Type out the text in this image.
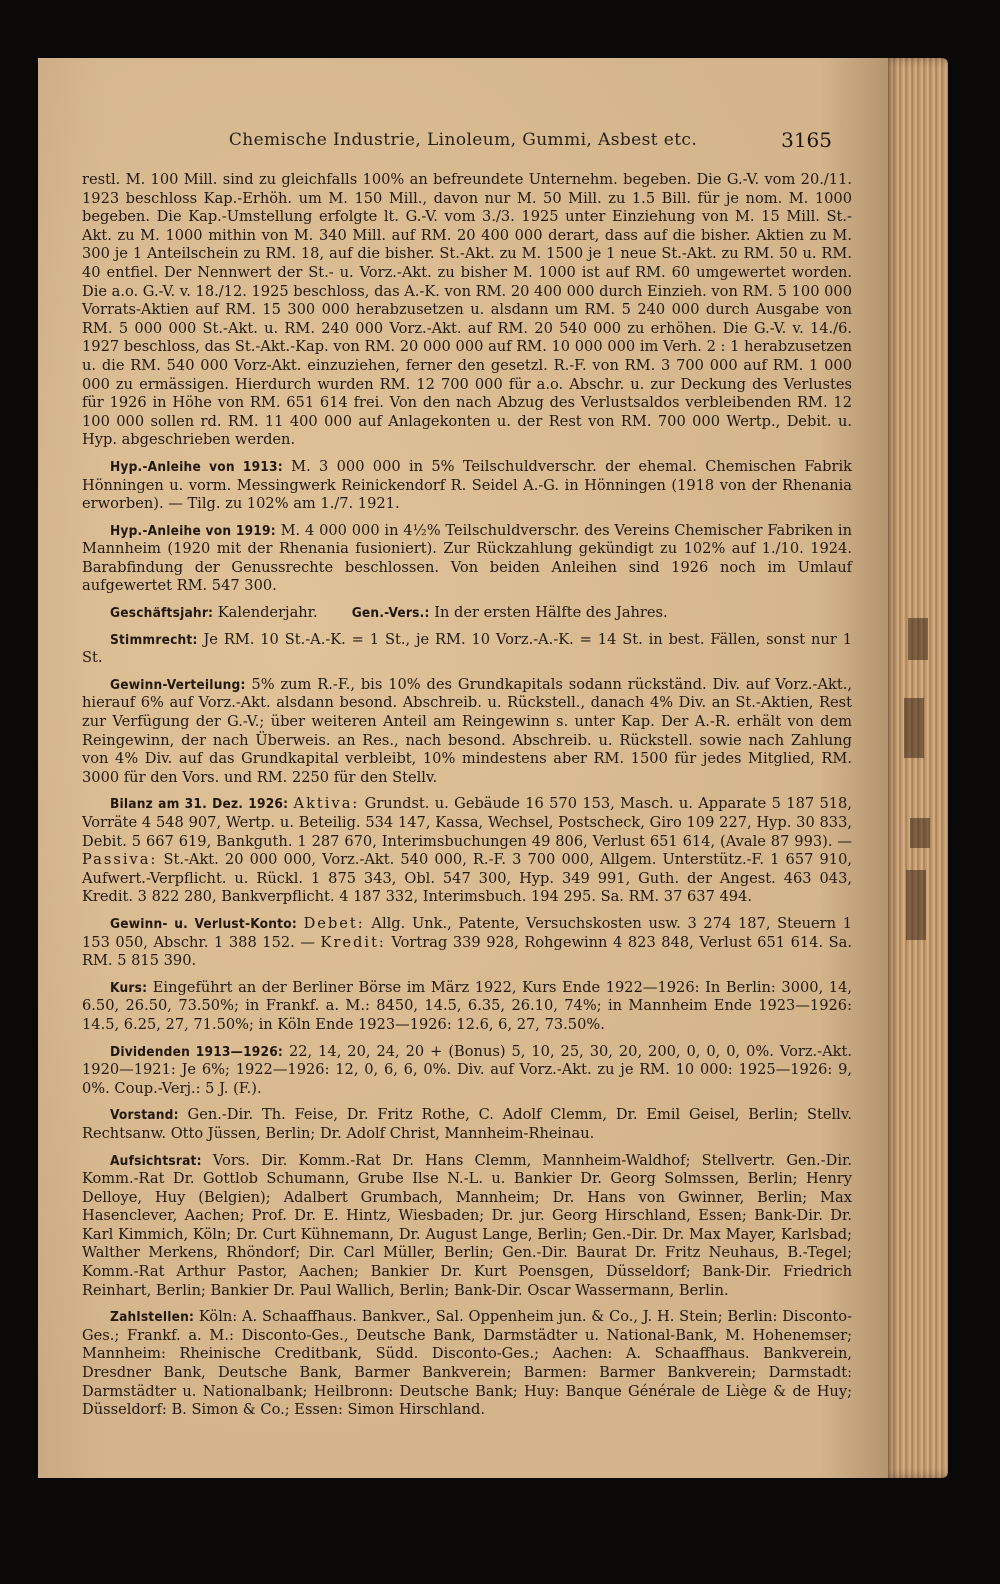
Chemische Industrie, Linoleum, Gummi, Asbest etc.	3165

restl. M. 100 Mill. sind zu gleichfalls 100% an befreundete Unternehm. begeben. Die G.-V. vom 20./11. 1923 beschloss Kap.-Erhöh. um M. 150 Mill., davon nur M. 50 Mill. zu 1.5 Bill. für je nom. M. 1000 begeben. Die Kap.-Umstellung erfolgte lt. G.-V. vom 3./3. 1925 unter Einziehung von M. 15 Mill. St.-Akt. zu M. 1000 mithin von M. 340 Mill. auf RM. 20 400 000 derart, dass auf die bisher. Aktien zu M. 300 je 1 Anteilschein zu RM. 18, auf die bisher. St.-Akt. zu M. 1500 je 1 neue St.-Akt. zu RM. 50 u. RM. 40 entfiel. Der Nennwert der St.- u. Vorz.-Akt. zu bisher M. 1000 ist auf RM. 60 umgewertet worden. Die a.o. G.-V. v. 18./12. 1925 beschloss, das A.-K. von RM. 20 400 000 durch Einzieh. von RM. 5 100 000 Vorrats-Aktien auf RM. 15 300 000 herabzusetzen u. alsdann um RM. 5 240 000 durch Ausgabe von RM. 5 000 000 St.-Akt. u. RM. 240 000 Vorz.-Akt. auf RM. 20 540 000 zu erhöhen. Die G.-V. v. 14./6. 1927 beschloss, das St.-Akt.-Kap. von RM. 20 000 000 auf RM. 10 000 000 im Verh. 2 : 1 herabzusetzen u. die RM. 540 000 Vorz-Akt. einzuziehen, ferner den gesetzl. R.-F. von RM. 3 700 000 auf RM. 1 000 000 zu ermässigen. Hierdurch wurden RM. 12 700 000 für a.o. Abschr. u. zur Deckung des Verlustes für 1926 in Höhe von RM. 651 614 frei. Von den nach Abzug des Verlustsaldos verbleibenden RM. 12 100 000 sollen rd. RM. 11 400 000 auf Anlagekonten u. der Rest von RM. 700 000 Wertp., Debit. u. Hyp. abgeschrieben werden.

Hyp.-Anleihe von 1913: M. 3 000 000 in 5% Teilschuldverschr. der ehemal. Chemischen Fabrik Hönningen u. vorm. Messingwerk Reinickendorf R. Seidel A.-G. in Hönningen (1918 von der Rhenania erworben). — Tilg. zu 102% am 1./7. 1921.

Hyp.-Anleihe von 1919: M. 4 000 000 in 4½% Teilschuldverschr. des Vereins Chemischer Fabriken in Mannheim (1920 mit der Rhenania fusioniert). Zur Rückzahlung gekündigt zu 102% auf 1./10. 1924. Barabfindung der Genussrechte beschlossen. Von beiden Anleihen sind 1926 noch im Umlauf aufgewertet RM. 547 300.

Geschäftsjahr: Kalenderjahr.	Gen.-Vers.: In der ersten Hälfte des Jahres.

Stimmrecht: Je RM. 10 St.-A.-K. = 1 St., je RM. 10 Vorz.-A.-K. = 14 St. in best. Fällen, sonst nur 1 St.

Gewinn-Verteilung: 5% zum R.-F., bis 10% des Grundkapitals sodann rückständ. Div. auf Vorz.-Akt., hierauf 6% auf Vorz.-Akt. alsdann besond. Abschreib. u. Rückstell., danach 4% Div. an St.-Aktien, Rest zur Verfügung der G.-V.; über weiteren Anteil am Reingewinn s. unter Kap. Der A.-R. erhält von dem Reingewinn, der nach Überweis. an Res., nach besond. Abschreib. u. Rückstell. sowie nach Zahlung von 4% Div. auf das Grundkapital verbleibt, 10% mindestens aber RM. 1500 für jedes Mitglied, RM. 3000 für den Vors. und RM. 2250 für den Stellv.

Bilanz am 31. Dez. 1926: Aktiva: Grundst. u. Gebäude 16 570 153, Masch. u. Apparate 5 187 518, Vorräte 4 548 907, Wertp. u. Beteilig. 534 147, Kassa, Wechsel, Postscheck, Giro 109 227, Hyp. 30 833, Debit. 5 667 619, Bankguth. 1 287 670, Interimsbuchungen 49 806, Verlust 651 614, (Avale 87 993). — Passiva: St.-Akt. 20 000 000, Vorz.-Akt. 540 000, R.-F. 3 700 000, Allgem. Unterstütz.-F. 1 657 910, Aufwert.-Verpflicht. u. Rückl. 1 875 343, Obl. 547 300, Hyp. 349 991, Guth. der Angest. 463 043, Kredit. 3 822 280, Bankverpflicht. 4 187 332, Interimsbuch. 194 295. Sa. RM. 37 637 494.

Gewinn- u. Verlust-Konto: Debet: Allg. Unk., Patente, Versuchskosten usw. 3 274 187, Steuern 1 153 050, Abschr. 1 388 152. — Kredit: Vortrag 339 928, Rohgewinn 4 823 848, Verlust 651 614. Sa. RM. 5 815 390.

Kurs: Eingeführt an der Berliner Börse im März 1922, Kurs Ende 1922—1926: In Berlin: 3000, 14, 6.50, 26.50, 73.50%; in Frankf. a. M.: 8450, 14.5, 6.35, 26.10, 74%; in Mannheim Ende 1923—1926: 14.5, 6.25, 27, 71.50%; in Köln Ende 1923—1926: 12.6, 6, 27, 73.50%.

Dividenden 1913—1926: 22, 14, 20, 24, 20 + (Bonus) 5, 10, 25, 30, 20, 200, 0, 0, 0, 0%. Vorz.-Akt. 1920—1921: Je 6%; 1922—1926: 12, 0, 6, 6, 0%. Div. auf Vorz.-Akt. zu je RM. 10 000: 1925—1926: 9, 0%. Coup.-Verj.: 5 J. (F.).

Vorstand: Gen.-Dir. Th. Feise, Dr. Fritz Rothe, C. Adolf Clemm, Dr. Emil Geisel, Berlin; Stellv. Rechtsanw. Otto Jüssen, Berlin; Dr. Adolf Christ, Mannheim-Rheinau.

Aufsichtsrat: Vors. Dir. Komm.-Rat Dr. Hans Clemm, Mannheim-Waldhof; Stellvertr. Gen.-Dir. Komm.-Rat Dr. Gottlob Schumann, Grube Ilse N.-L. u. Bankier Dr. Georg Solmssen, Berlin; Henry Delloye, Huy (Belgien); Adalbert Grumbach, Mannheim; Dr. Hans von Gwinner, Berlin; Max Hasenclever, Aachen; Prof. Dr. E. Hintz, Wiesbaden; Dr. jur. Georg Hirschland, Essen; Bank-Dir. Dr. Karl Kimmich, Köln; Dr. Curt Kühnemann, Dr. August Lange, Berlin; Gen.-Dir. Dr. Max Mayer, Karlsbad; Walther Merkens, Rhöndorf; Dir. Carl Müller, Berlin; Gen.-Dir. Baurat Dr. Fritz Neuhaus, B.-Tegel; Komm.-Rat Arthur Pastor, Aachen; Bankier Dr. Kurt Poensgen, Düsseldorf; Bank-Dir. Friedrich Reinhart, Berlin; Bankier Dr. Paul Wallich, Berlin; Bank-Dir. Oscar Wassermann, Berlin.

Zahlstellen: Köln: A. Schaaffhaus. Bankver., Sal. Oppenheim jun. & Co., J. H. Stein; Berlin: Disconto-Ges.; Frankf. a. M.: Disconto-Ges., Deutsche Bank, Darmstädter u. National-Bank, M. Hohenemser; Mannheim: Rheinische Creditbank, Südd. Disconto-Ges.; Aachen: A. Schaaffhaus. Bankverein, Dresdner Bank, Deutsche Bank, Barmer Bankverein; Barmen: Barmer Bankverein; Darmstadt: Darmstädter u. Nationalbank; Heilbronn: Deutsche Bank; Huy: Banque Générale de Liège & de Huy; Düsseldorf: B. Simon & Co.; Essen: Simon Hirschland.
